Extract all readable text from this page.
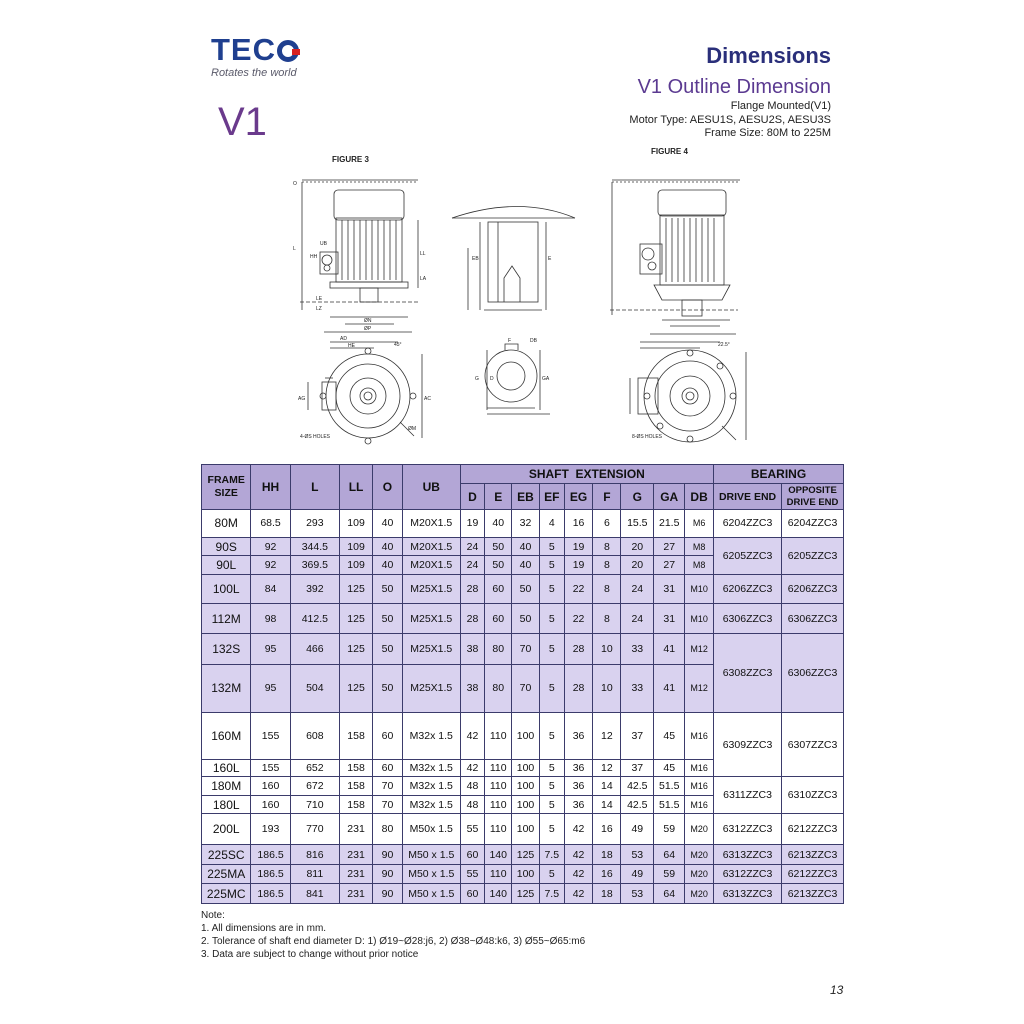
TEC
Rotates the world
V1
Dimensions
V1 Outline Dimension
Flange Mounted(V1)
Motor Type: AESU1S, AESU2S, AESU3S
Frame Size: 80M to 225M
FIGURE 3
FIGURE 4
O
L
HH
UB
LL
LA
LE
LZ
ØN
ØP
AD
HE	45°
AC
AG
ØM
4-ØS HOLES
EB	E
F	DB
G	GA
D
22.5°
8-ØS HOLES
FRAME SIZE	HH	L	LL	O	UB	SHAFT  EXTENSION									BEARING	
						D	E	EB	EF	EG	F	G	GA	DB	DRIVE END	OPPOSITE DRIVE END
80M	68.5	293	109	40	M20X1.5	19	40	32	4	16	6	15.5	21.5	M6	6204ZZC3	6204ZZC3
90S	92	344.5	109	40	M20X1.5	24	50	40	5	19	8	20	27	M8	6205ZZC3	6205ZZC3
90L	92	369.5	109	40	M20X1.5	24	50	40	5	19	8	20	27	M8		
100L	84	392	125	50	M25X1.5	28	60	50	5	22	8	24	31	M10	6206ZZC3	6206ZZC3
112M	98	412.5	125	50	M25X1.5	28	60	50	5	22	8	24	31	M10	6306ZZC3	6306ZZC3
132S	95	466	125	50	M25X1.5	38	80	70	5	28	10	33	41	M12	6308ZZC3	6306ZZC3
132M	95	504	125	50	M25X1.5	38	80	70	5	28	10	33	41	M12		
160M	155	608	158	60	M32x 1.5	42	110	100	5	36	12	37	45	M16	6309ZZC3	6307ZZC3
160L	155	652	158	60	M32x 1.5	42	110	100	5	36	12	37	45	M16		
180M	160	672	158	70	M32x 1.5	48	110	100	5	36	14	42.5	51.5	M16	6311ZZC3	6310ZZC3
180L	160	710	158	70	M32x 1.5	48	110	100	5	36	14	42.5	51.5	M16		
200L	193	770	231	80	M50x 1.5	55	110	100	5	42	16	49	59	M20	6312ZZC3	6212ZZC3
225SC	186.5	816	231	90	M50 x 1.5	60	140	125	7.5	42	18	53	64	M20	6313ZZC3	6213ZZC3
225MA	186.5	811	231	90	M50 x 1.5	55	110	100	5	42	16	49	59	M20	6312ZZC3	6212ZZC3
225MC	186.5	841	231	90	M50 x 1.5	60	140	125	7.5	42	18	53	64	M20	6313ZZC3	6213ZZC3
Note:
1. All dimensions are in mm.
2. Tolerance of shaft end diameter D: 1) Ø19~Ø28:j6, 2) Ø38~Ø48:k6, 3) Ø55~Ø65:m6
3. Data are subject to change without prior notice
13
